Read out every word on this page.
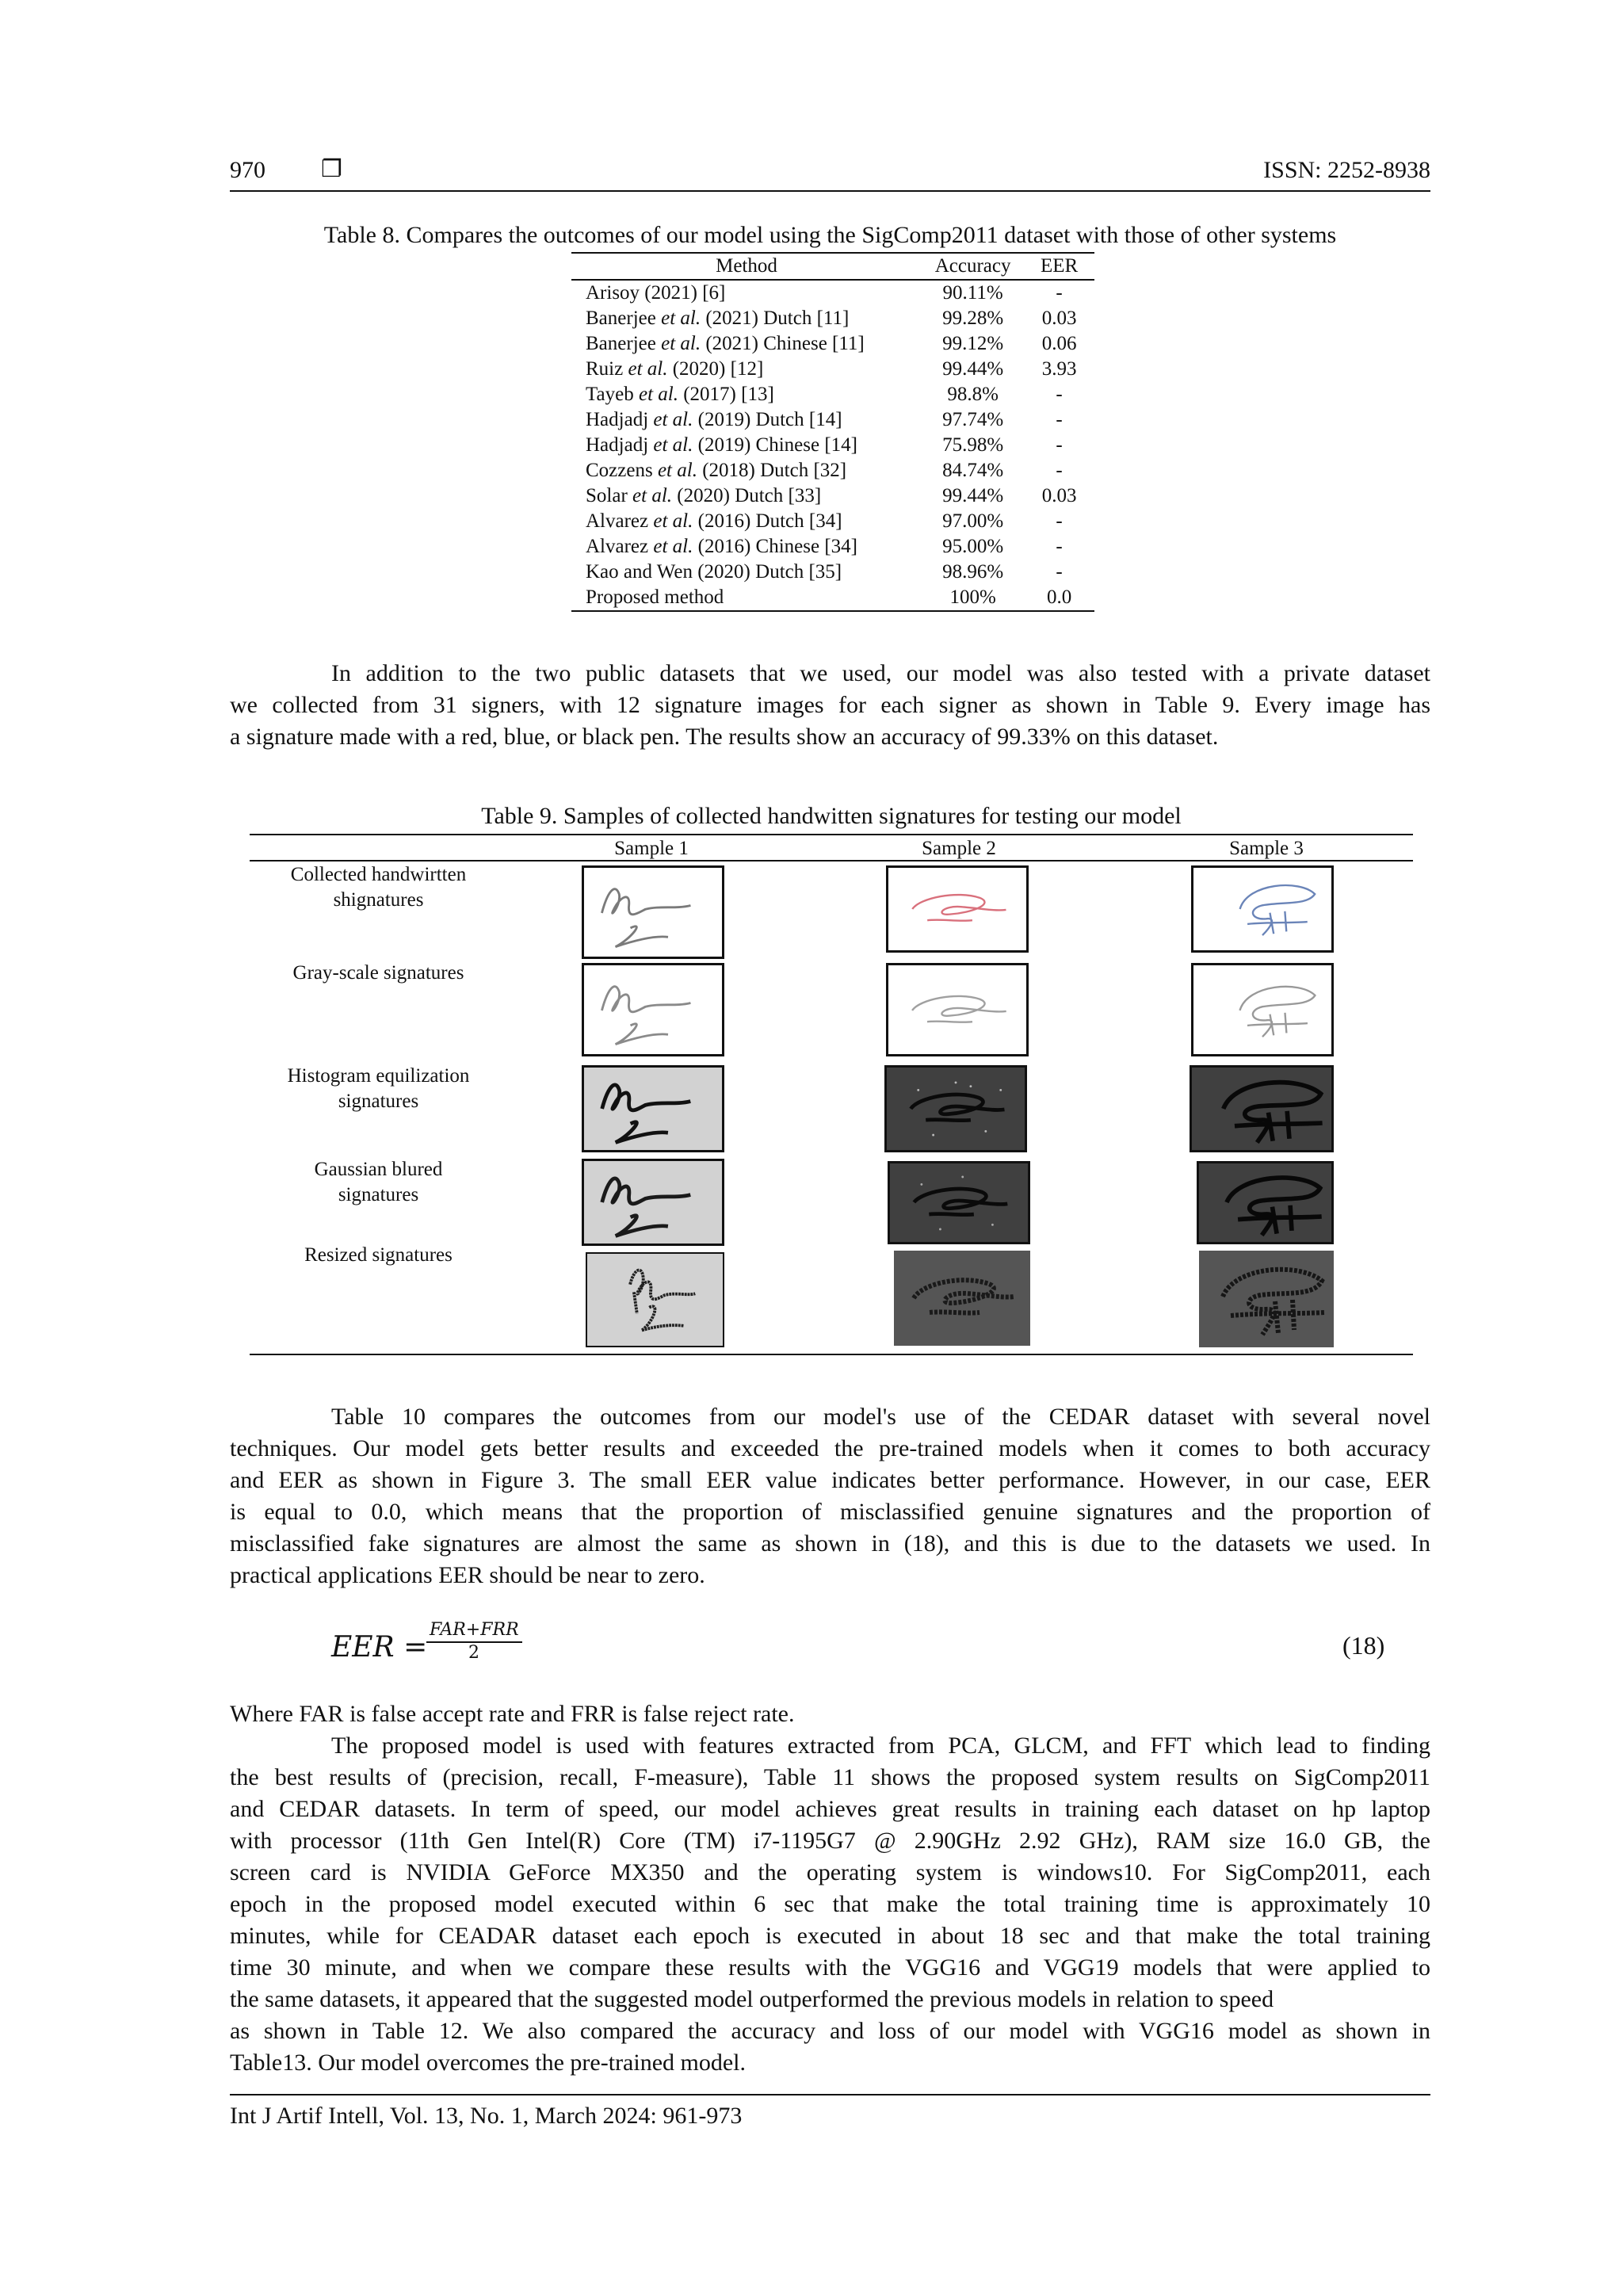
970 ❐	ISSN: 2252-8938
Table 8. Compares the outcomes of our model using the SigComp2011 dataset with those of other systems
Method	Accuracy	EER
Arisoy (2021) [6]	90.11%	-
Banerjee et al. (2021) Dutch [11]	99.28%	0.03
Banerjee et al. (2021) Chinese [11]	99.12%	0.06
Ruiz et al. (2020) [12]	99.44%	3.93
Tayeb et al. (2017) [13]	98.8%	-
Hadjadj et al. (2019) Dutch [14]	97.74%	-
Hadjadj et al. (2019) Chinese [14]	75.98%	-
Cozzens et al. (2018) Dutch [32]	84.74%	-
Solar et al. (2020) Dutch [33]	99.44%	0.03
Alvarez et al. (2016) Dutch [34]	97.00%	-
Alvarez et al. (2016) Chinese [34]	95.00%	-
Kao and Wen (2020) Dutch [35]	98.96%	-
Proposed method	100%	0.0
In addition to the two public datasets that we used, our model was also tested with a private dataset
we collected from 31 signers, with 12 signature images for each signer as shown in Table 9. Every image has
a signature made with a red, blue, or black pen. The results show an accuracy of 99.33% on this dataset.
Table 9. Samples of collected handwitten signatures for testing our model
Sample 1	Sample 2	Sample 3
Collected handwirtten
shignatures
Gray-scale signatures
Histogram equilization
signatures
Gaussian blured
signatures
Resized signatures
Table 10 compares the outcomes from our model's use of the CEDAR dataset with several novel
techniques. Our model gets better results and exceeded the pre-trained models when it comes to both accuracy
and EER as shown in Figure 3. The small EER value indicates better performance. However, in our case, EER
is equal to 0.0, which means that the proportion of misclassified genuine signatures and the proportion of
misclassified fake signatures are almost the same as shown in (18), and this is due to the datasets we used. In
practical applications EER should be near to zero.
EER =
FAR+FRR
2	(18)
Where FAR is false accept rate and FRR is false reject rate.
The proposed model is used with features extracted from PCA, GLCM, and FFT which lead to finding
the best results of (precision, recall, F-measure), Table 11 shows the proposed system results on SigComp2011
and CEDAR datasets. In term of speed, our model achieves great results in training each dataset on hp laptop
with processor (11th Gen Intel(R) Core (TM) i7-1195G7 @ 2.90GHz 2.92 GHz), RAM size 16.0 GB, the
screen card is NVIDIA GeForce MX350 and the operating system is windows10. For SigComp2011, each
epoch in the proposed model executed within 6 sec that make the total training time is approximately 10
minutes, while for CEADAR dataset each epoch is executed in about 18 sec and that make the total training
time 30 minute, and when we compare these results with the VGG16 and VGG19 models that were applied to
the same datasets, it appeared that the suggested model outperformed the previous models in relation to speed
as shown in Table 12. We also compared the accuracy and loss of our model with VGG16 model as shown in
Table13. Our model overcomes the pre-trained model.
Int J Artif Intell, Vol. 13, No. 1, March 2024: 961-973
